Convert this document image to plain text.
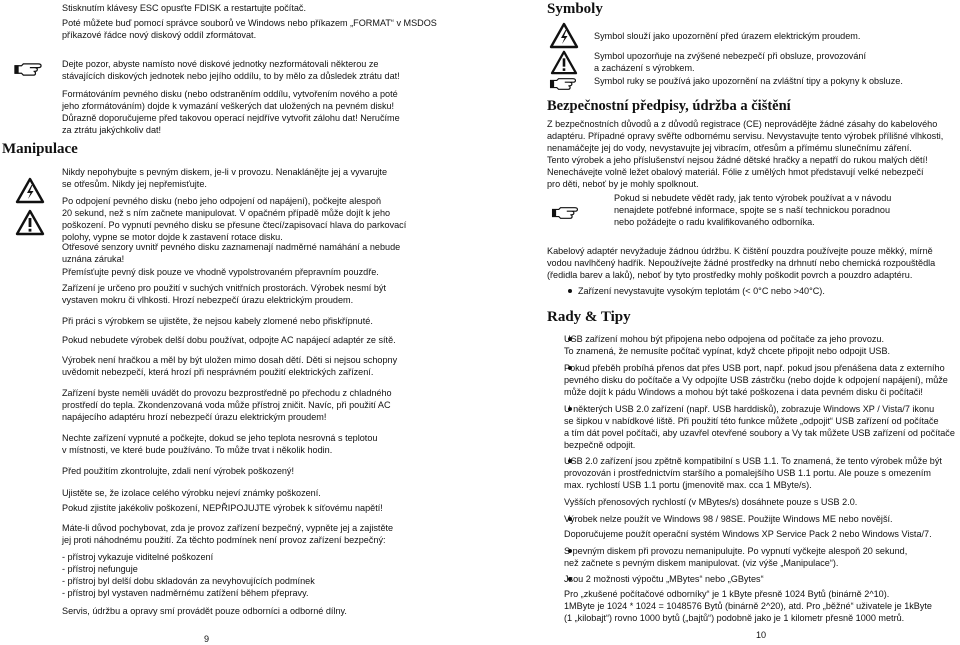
Stisknutím klávesy ESC opusťte FDISK a restartujte počítač.

Poté můžete buď pomocí správce souborů ve Windows nebo příkazem „FORMAT“ v MSDOS

příkazové řádce nový diskový oddíl zformátovat.

Dejte pozor, abyste namísto nové diskové jednotky nezformátovali některou ze

stávajících diskových jednotek nebo jejího oddílu, to by mělo za důsledek ztrátu dat!

Formátováním pevného disku (nebo odstraněním oddílu, vytvořením nového a poté

jeho zformátováním) dojde k vymazání veškerých dat uložených na pevném disku!

Důrazně doporučujeme před takovou operací nejdříve vytvořit zálohu dat! Neručíme

za ztrátu jakýchkoliv dat!

Manipulace

Nikdy nepohybujte s pevným diskem, je-li v provozu. Nenaklánějte jej a vyvarujte

se otřesům. Nikdy jej nepřemisťujte.

Po odpojení pevného disku (nebo jeho odpojení od napájení), počkejte alespoň

20 sekund, než s ním začnete manipulovat. V opačném případě může dojít k jeho

poškození. Po vypnutí pevného disku se přesune čtecí/zapisovací hlava do parkovací

polohy, vypne se motor dojde k zastavení rotace disku.

Otřesové senzory uvnitř pevného disku zaznamenají nadměrné namáhání a nebude

uznána záruka!

Přemísťujte pevný disk pouze ve vhodně vypolstrovaném přepravním pouzdře.

Zařízení je určeno pro použití v suchých vnitřních prostorách. Výrobek nesmí být

vystaven mokru či vlhkosti. Hrozí nebezpečí úrazu elektrickým proudem.

Při práci s výrobkem se ujistěte, že nejsou kabely zlomené nebo přiskřípnuté.

Pokud nebudete výrobek delší dobu používat, odpojte AC napájecí adaptér ze sítě.

Výrobek není hračkou a měl by být uložen mimo dosah dětí. Děti si nejsou schopny

uvědomit nebezpečí, která hrozí při nesprávném použití elektrických zařízení.

Zařízení byste neměli uvádět do provozu bezprostředně po přechodu z chladného

prostředí do tepla. Zkondenzovaná voda může přístroj zničit. Navíc, při použití AC

napájecího adaptéru hrozí nebezpečí úrazu elektrickým proudem!

Nechte zařízení vypnuté a počkejte, dokud se jeho teplota nesrovná s teplotou

v místnosti, ve které bude používáno. To může trvat i několik hodin.

Před použitím zkontrolujte, zdali není výrobek poškozený!

Ujistěte se, že izolace celého výrobku nejeví známky poškození.

Pokud zjistíte jakékoliv poškození, NEPŘIPOJUJTE výrobek k síťovému napětí!

Máte-li důvod pochybovat, zda je provoz zařízení bezpečný, vypněte jej a zajistěte

jej proti náhodnému použití. Za těchto podmínek není provoz zařízení bezpečný:

- přístroj vykazuje viditelné poškození

- přístroj nefunguje

- přístroj byl delší dobu skladován za nevyhovujících podmínek

- přístroj byl vystaven nadměrnému zatížení během přepravy.

Servis, údržbu a opravy smí provádět pouze odborníci a odborné dílny.

9

Symboly

Symbol slouží jako upozornění před úrazem elektrickým proudem.

Symbol upozorňuje na zvýšené nebezpečí při obsluze, provozování

a zacházení s výrobkem.

Symbol ruky se používá jako upozornění na zvláštní tipy a pokyny k obsluze.

Bezpečnostní předpisy, údržba a čištění

Z bezpečnostních důvodů a z důvodů registrace (CE) neprovádějte žádné zásahy do kabelového

adaptéru. Případné opravy svěřte odbornému servisu. Nevystavujte tento výrobek přílišné vlhkosti,

nenamáčejte jej do vody, nevystavujte jej vibracím, otřesům a přímému slunečnímu záření.

Tento výrobek a jeho příslušenství nejsou žádné dětské hračky a nepatří do rukou malých dětí!

Nenechávejte volně ležet obalový materiál. Fólie z umělých hmot představují velké nebezpečí

pro děti, neboť by je mohly spolknout.

Pokud si nebudete vědět rady, jak tento výrobek používat a v návodu

nenajdete potřebné informace, spojte se s naší technickou poradnou

nebo požádejte o radu kvalifikovaného odborníka.

Kabelový adaptér nevyžaduje žádnou údržbu. K čištění pouzdra používejte pouze měkký, mírně

vodou navlhčený hadřík. Nepoužívejte žádné prostředky na drhnutí nebo chemická rozpouštědla

(ředidla barev a laků), neboť by tyto prostředky mohly poškodit povrch a pouzdro adaptéru.

Zařízení nevystavujte vysokým teplotám (< 0°C nebo >40°C).

Rady & Tipy

USB zařízení mohou být připojena nebo odpojena od počítače za jeho provozu.

To znamená, že nemusíte počítač vypínat, když chcete připojit nebo odpojit USB.

Pokud přeběh probíhá přenos dat přes USB port, např. pokud jsou přenášena data z externího

pevného disku do počítače a Vy odpojíte USB zástrčku (nebo dojde k odpojení napájení), může

může dojít k pádu Windows a mohou být také poškozena i data pevném disku či počítači!

U některých USB 2.0 zařízení (např. USB harddisků), zobrazuje Windows XP / Vista/7 ikonu

se šipkou v nabídkové liště. Při použití této funkce můžete „odpojit“ USB zařízení od počítače

a tím dát povel počítači, aby uzavřel otevřené soubory a Vy tak můžete USB zařízení od počítače

bezpečně odpojit.

USB 2.0 zařízení jsou zpětně kompatibilní s USB 1.1. To znamená, že tento výrobek může být

provozován i prostřednictvím staršího a pomalejšího USB 1.1 portu. Ale pouze s omezením

max. rychlostí USB 1.1 portu (jmenovitě max. cca 1 MByte/s).

Vyšších přenosových rychlostí (v MBytes/s) dosáhnete pouze s USB 2.0.

Výrobek nelze použít ve Windows 98 / 98SE. Použijte Windows ME nebo novější.

Doporučujeme použít operační systém Windows XP Service Pack 2 nebo Windows Vista/7.

S pevným diskem při provozu nemanipulujte. Po vypnutí vyčkejte alespoň 20 sekund,

než začnete s pevným diskem manipulovat. (viz výše „Manipulace“).

Jsou 2 možnosti výpočtu „MBytes“ nebo „GBytes“

Pro „zkušené počítačové odborníky“ je 1 kByte přesně 1024 Bytů (binárně 2^10).

1MByte je 1024 * 1024 = 1048576 Bytů (binárně 2^20), atd. Pro „běžné“ uživatele je 1kByte

(1 „kilobajt“) rovno 1000 bytů („bajtů“) podobně jako je 1 kilometr přesně 1000 metrů.

10
